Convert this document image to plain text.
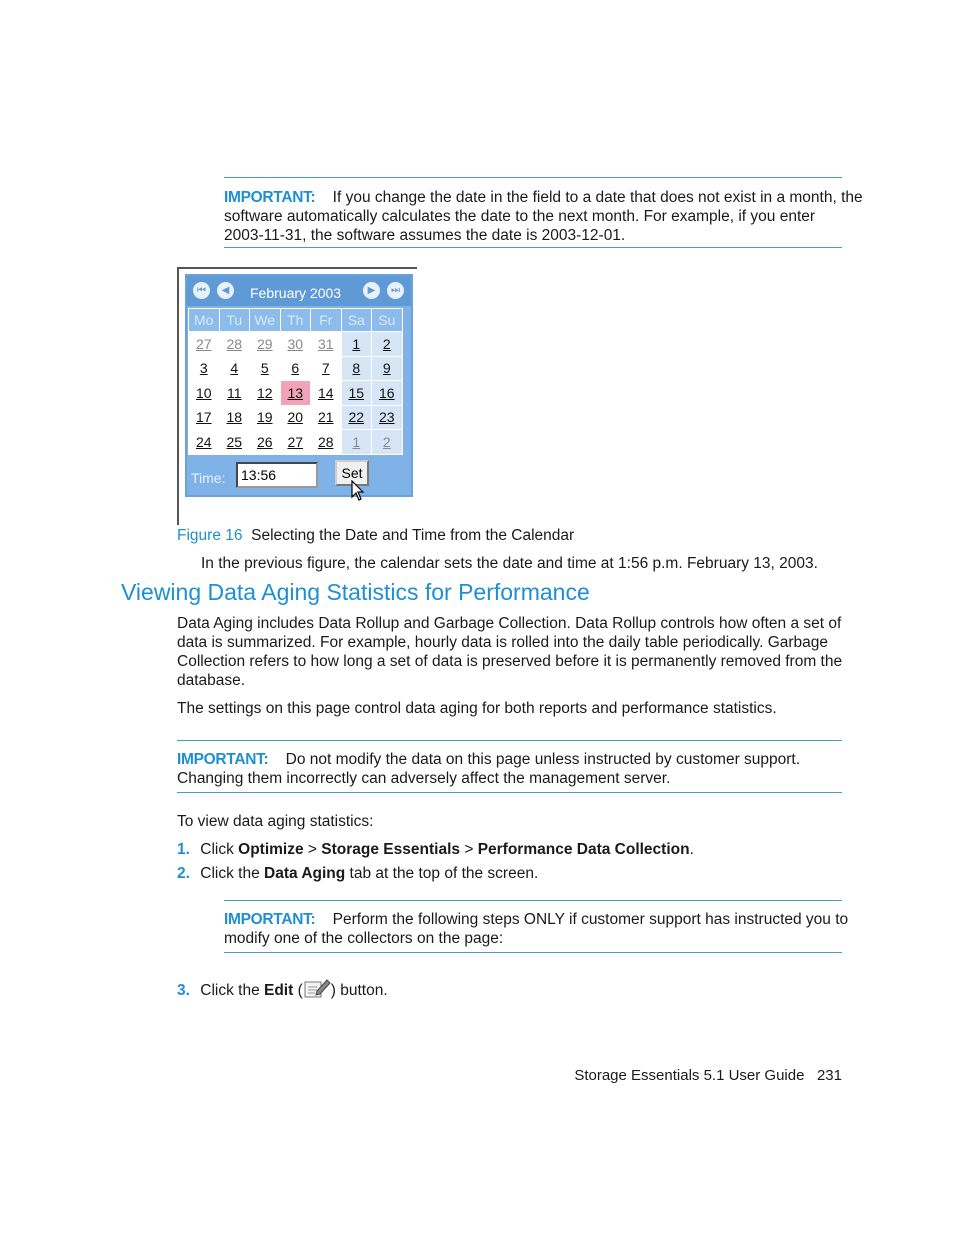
IMPORTANT: If you change the date in the field to a date that does not exist in a month, the
software automatically calculates the date to the next month. For example, if you enter
2003-11-31, the software assumes the date is 2003-12-01.
⏮	◀	February 2003	▶	⏭
Mo	Tu	We	Th	Fr	Sa	Su
27	28	29	30	31	1	2
3	4	5	6	7	8	9
10	11	12	13	14	15	16
17	18	19	20	21	22	23
24	25	26	27	28	1	2
Time:
13:56	Set
Figure 16 Selecting the Date and Time from the Calendar
In the previous figure, the calendar sets the date and time at 1:56 p.m. February 13, 2003.
Viewing Data Aging Statistics for Performance
Data Aging includes Data Rollup and Garbage Collection. Data Rollup controls how often a set of
data is summarized. For example, hourly data is rolled into the daily table periodically. Garbage
Collection refers to how long a set of data is preserved before it is permanently removed from the
database.
The settings on this page control data aging for both reports and performance statistics.
IMPORTANT: Do not modify the data on this page unless instructed by customer support.
Changing them incorrectly can adversely affect the management server.
To view data aging statistics:
1. Click Optimize > Storage Essentials > Performance Data Collection.
2. Click the Data Aging tab at the top of the screen.
IMPORTANT: Perform the following steps ONLY if customer support has instructed you to
modify one of the collectors on the page:
3. Click the Edit ( ) button.
Storage Essentials 5.1 User Guide 231
